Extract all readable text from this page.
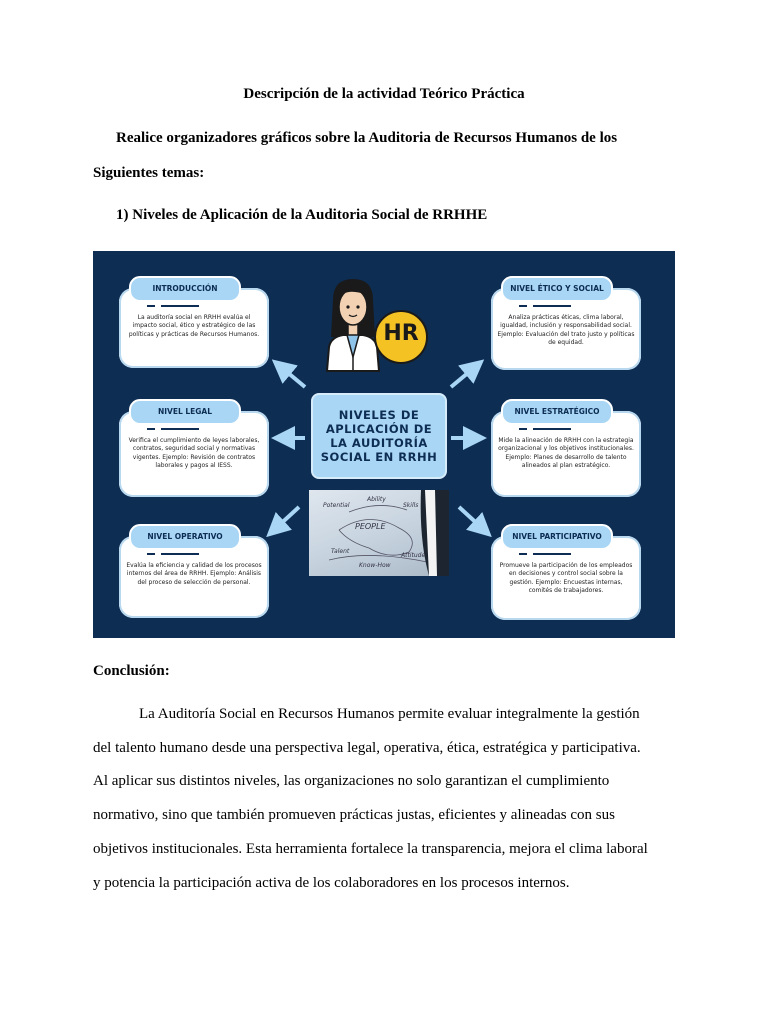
Descripción de la actividad Teórico Práctica
Realice organizadores gráficos sobre la Auditoria de Recursos Humanos de los
Siguientes temas:
1) Niveles de Aplicación de la Auditoria Social de RRHHE
HR
NIVELES DE
APLICACIÓN DE
LA AUDITORÍA
SOCIAL EN RRHH
Potential
Ability
Skills
PEOPLE
Talent
Know-How
Attitude
INTRODUCCIÓN
La auditoría social en RRHH evalúa el impacto social, ético y estratégico de las políticas y prácticas de Recursos Humanos.
NIVEL ÉTICO Y SOCIAL
Analiza prácticas éticas, clima laboral, igualdad, inclusión y responsabilidad social. Ejemplo: Evaluación del trato justo y políticas de equidad.
NIVEL LEGAL
Verifica el cumplimiento de leyes laborales, contratos, seguridad social y normativas vigentes. Ejemplo: Revisión de contratos laborales y pagos al IESS.
NIVEL ESTRATÉGICO
Mide la alineación de RRHH con la estrategia organizacional y los objetivos institucionales. Ejemplo: Planes de desarrollo de talento alineados al plan estratégico.
NIVEL OPERATIVO
Evalúa la eficiencia y calidad de los procesos internos del área de RRHH. Ejemplo: Análisis del proceso de selección de personal.
NIVEL PARTICIPATIVO
Promueve la participación de los empleados en decisiones y control social sobre la gestión. Ejemplo: Encuestas internas, comités de trabajadores.
Conclusión:
La Auditoría Social en Recursos Humanos permite evaluar integralmente la gestión
del talento humano desde una perspectiva legal, operativa, ética, estratégica y participativa.
Al aplicar sus distintos niveles, las organizaciones no solo garantizan el cumplimiento
normativo, sino que también promueven prácticas justas, eficientes y alineadas con sus
objetivos institucionales. Esta herramienta fortalece la transparencia, mejora el clima laboral
y potencia la participación activa de los colaboradores en los procesos internos.
